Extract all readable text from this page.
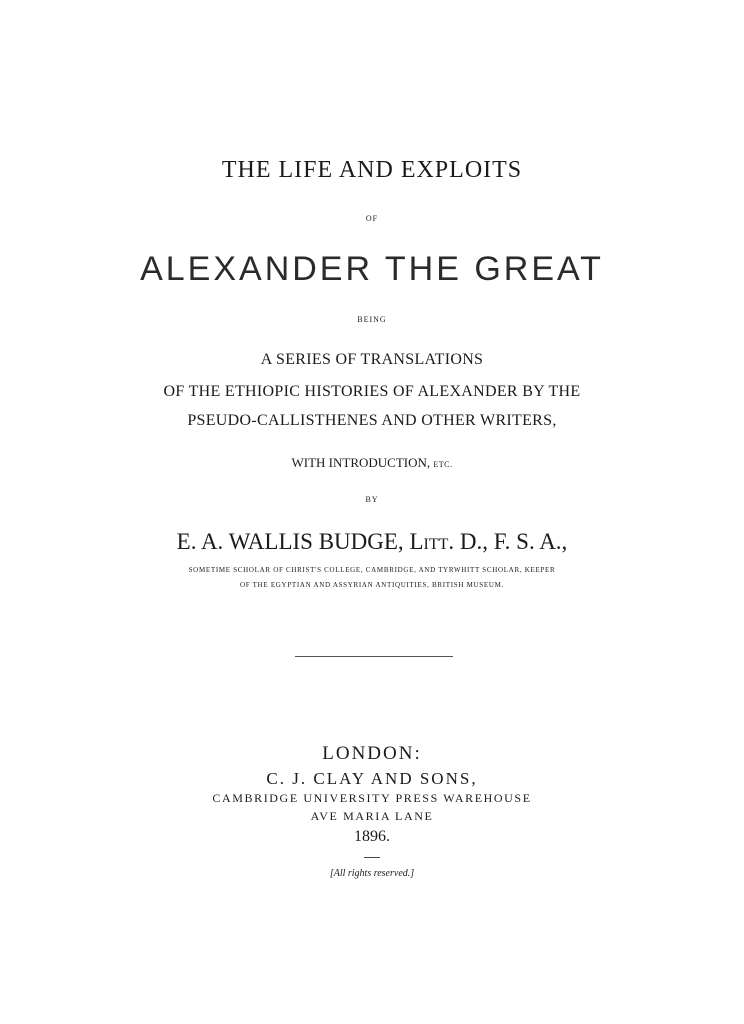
THE LIFE AND EXPLOITS
OF
ALEXANDER THE GREAT
BEING
A SERIES OF TRANSLATIONS
OF THE ETHIOPIC HISTORIES OF ALEXANDER BY THE
PSEUDO-CALLISTHENES AND OTHER WRITERS,
WITH INTRODUCTION, ETC.
BY
E. A. WALLIS BUDGE, Litt. D., F. S. A.,
SOMETIME SCHOLAR OF CHRIST'S COLLEGE, CAMBRIDGE, AND TYRWHITT SCHOLAR, KEEPER
OF THE EGYPTIAN AND ASSYRIAN ANTIQUITIES, BRITISH MUSEUM.
LONDON:
C. J. CLAY AND SONS,
CAMBRIDGE UNIVERSITY PRESS WAREHOUSE
AVE MARIA LANE
1896.
[All rights reserved.]
